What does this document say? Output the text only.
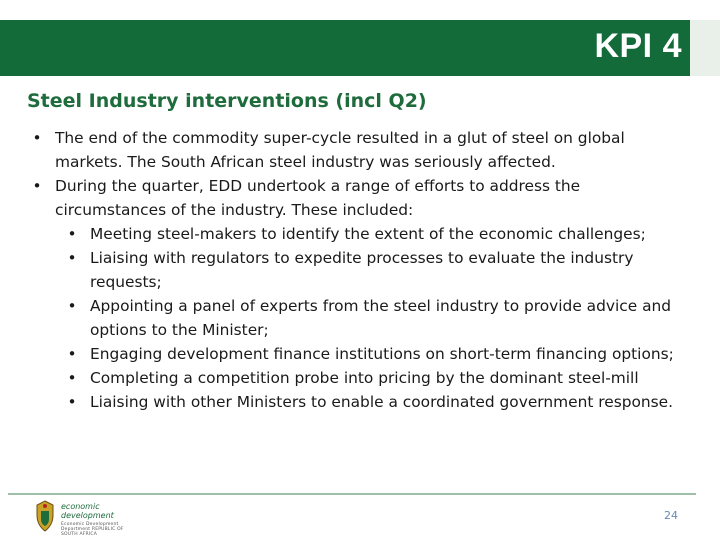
KPI 4
Steel Industry interventions (incl Q2)
• The end of the commodity super-cycle resulted in a glut of steel on global markets. The South African steel industry was seriously affected.
• During the quarter, EDD undertook a range of efforts to address the circumstances of the industry. These included:
• Meeting steel-makers to identify the extent of the economic challenges;
• Liaising with regulators to expedite processes to evaluate the industry requests;
• Appointing a panel of experts from the steel industry to provide advice and options to the Minister;
• Engaging development finance institutions on short-term financing options;
• Completing a competition probe into pricing by the dominant steel-mill
• Liaising with other Ministers to enable a coordinated government response.
economic development
Economic Development Department REPUBLIC OF SOUTH AFRICA
24
